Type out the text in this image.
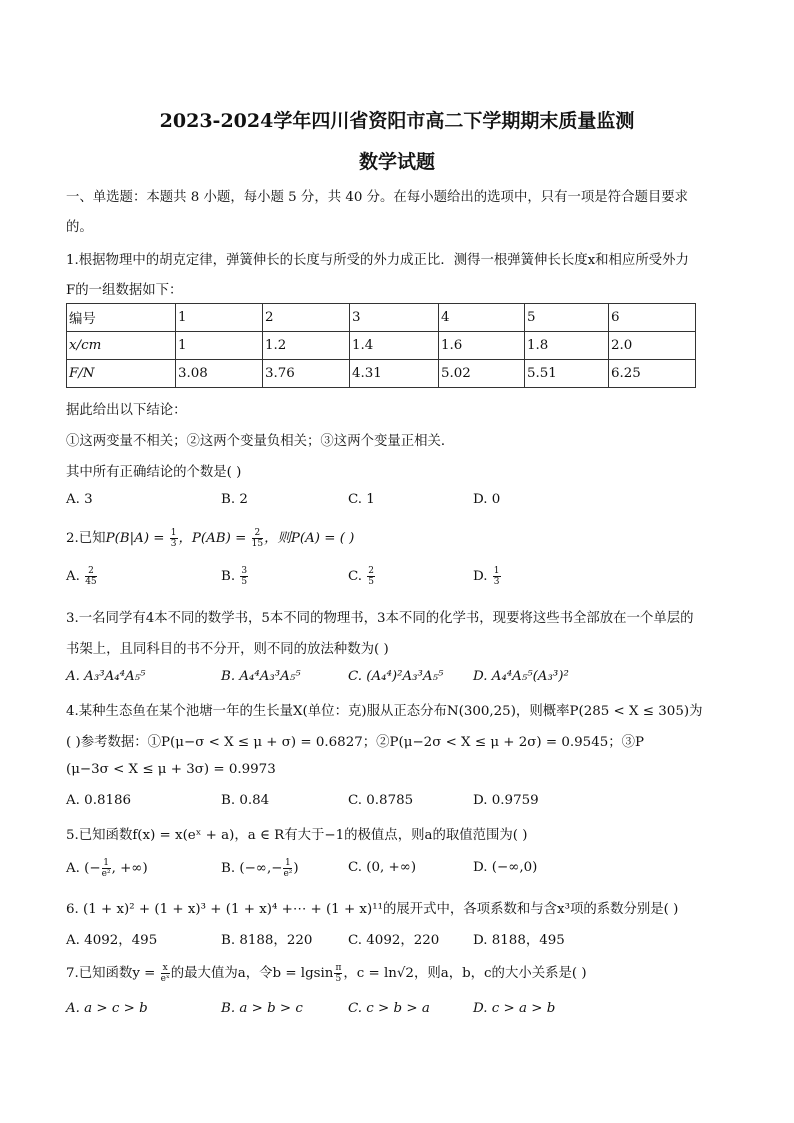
2023-2024学年四川省资阳市高二下学期期末质量监测
数学试题
一、单选题：本题共 8 小题，每小题 5 分，共 40 分。在每小题给出的选项中，只有一项是符合题目要求
的。
1.根据物理中的胡克定律，弹簧伸长的长度与所受的外力成正比．测得一根弹簧伸长长度x和相应所受外力
F的一组数据如下：
编号	1	2	3	4	5	6
x/cm	1	1.2	1.4	1.6	1.8	2.0
F/N	3.08	3.76	4.31	5.02	5.51	6.25
据此给出以下结论：
①这两变量不相关；②这两个变量负相关；③这两个变量正相关．
其中所有正确结论的个数是( )
A. 3	B. 2	C. 1	D. 0
2.已知$P(B|A) = \frac{1}{3}$ ，$P(AB) = \frac{2}{15}$ ，则P(A) = ( )
A. $\frac{2}{45}$	B. $\frac{3}{5}$	C. $\frac{2}{5}$	D. $\frac{1}{3}$
3.一名同学有4本不同的数学书，5本不同的物理书，3本不同的化学书，现要将这些书全部放在一个单层的
书架上，且同科目的书不分开，则不同的放法种数为( )
A. A₃³A₄⁴A₅⁵	B. A₄⁴A₃³A₅⁵	C. (A₄⁴)²A₃³A₅⁵ D. A₄⁴A₅⁵(A₃³)²
4.某种生态鱼在某个池塘一年的生长量X(单位：克)服从正态分布N(300,25)，则概率P(285 < X ≤ 305)为
( )参考数据：①P(μ−σ < X ≤ μ + σ) = 0.6827；②P(μ−2σ < X ≤ μ + 2σ) = 0.9545；③P
(μ−3σ < X ≤ μ + 3σ) = 0.9973
A. 0.8186	B. 0.84	C. 0.8785	D. 0.9759
5.已知函数f(x) = x(eˣ + a)，a ∈ R有大于−1的极值点，则a的取值范围为( )
A. (− $\frac{1}{\text{e²}}$ , +∞)	B. (−∞,− $\frac{1}{\text{e²}}$ )	C. (0, +∞)	D. (−∞,0)
6. (1 + x)² + (1 + x)³ + (1 + x)⁴ +⋯ + (1 + x)¹¹的展开式中，各项系数和与含x³项的系数分别是( )
A. 4092，495	B. 8188，220	C. 4092，220	D. 8188，495
7.已知函数$y = \frac{x}{\text{eˣ}}$ 的最大值为a，令b = lgsin $\frac{\pi}{5}$ ，c = ln√2，则a，b，c的大小关系是( )
A. a > c > b	B. a > b > c	C. c > b > a	D. c > a > b
